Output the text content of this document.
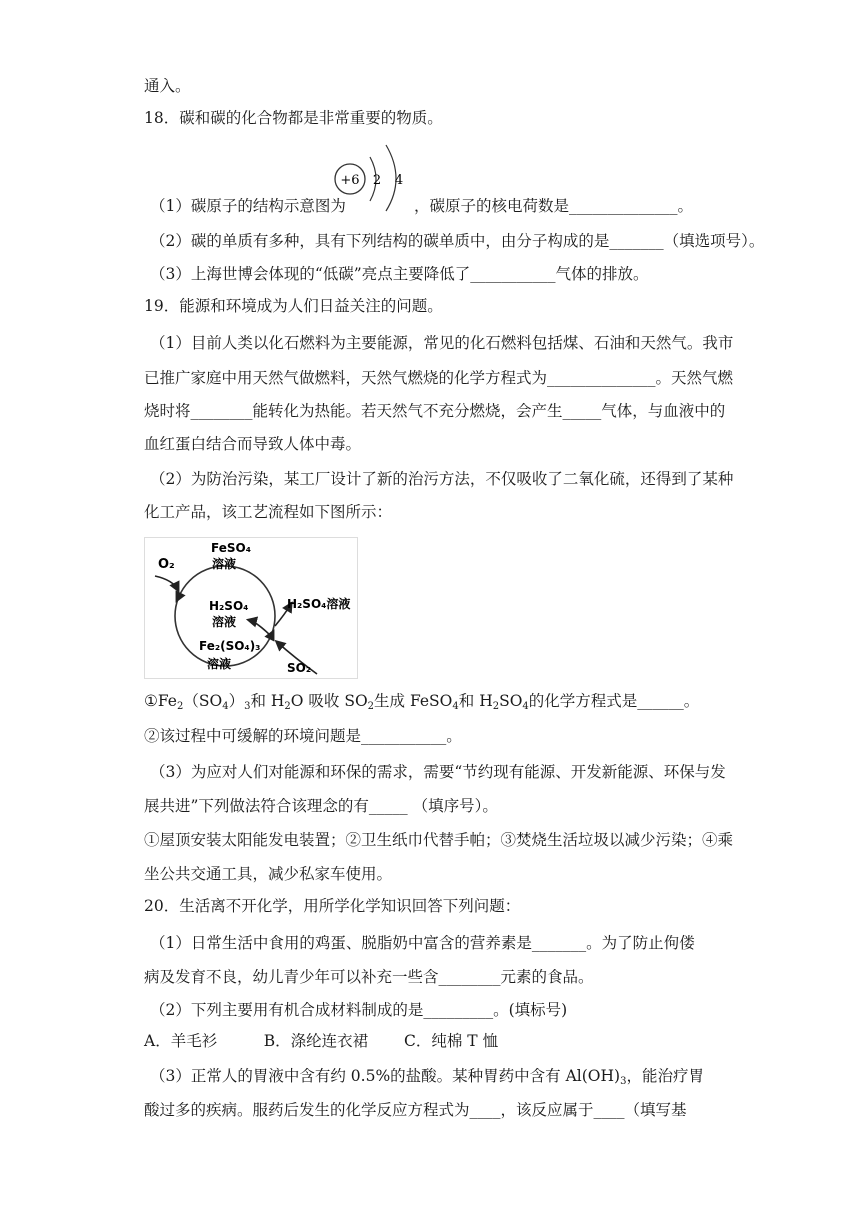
通入。
18．碳和碳的化合物都是非常重要的物质。
（1）碳原子的结构示意图为	，碳原子的核电荷数是______________。
+6 2 4
（2）碳的单质有多种，具有下列结构的碳单质中，由分子构成的是_______（填选项号）。
（3）上海世博会体现的“低碳”亮点主要降低了___________气体的排放。
19．能源和环境成为人们日益关注的问题。
（1）目前人类以化石燃料为主要能源，常见的化石燃料包括煤、石油和天然气。我市
已推广家庭中用天然气做燃料，天然气燃烧的化学方程式为______________。天然气燃
烧时将________能转化为热能。若天然气不充分燃烧，会产生_____气体，与血液中的
血红蛋白结合而导致人体中毒。
（2）为防治污染，某工厂设计了新的治污方法，不仅吸收了二氧化硫，还得到了某种
化工产品，该工艺流程如下图所示：
O₂
FeSO₄
溶液
H₂SO₄
溶液
Fe₂(SO₄)₃
溶液
H₂SO₄溶液
SO₂
$①Fe_2(SO_4)_3$和 $H_2O$ 吸收 $SO_2$生成 FeSO$_4$和 $H_2SO_4$的化学方程式是______。
②该过程中可缓解的环境问题是___________。
（3）为应对人们对能源和环保的需求，需要“节约现有能源、开发新能源、环保与发
展共进”下列做法符合该理念的有_____ （填序号）。
①屋顶安装太阳能发电装置；②卫生纸巾代替手帕；③焚烧生活垃圾以减少污染；④乘
坐公共交通工具，减少私家车使用。
20．生活离不开化学，用所学化学知识回答下列问题：
（1）日常生活中食用的鸡蛋、脱脂奶中富含的营养素是_______。为了防止佝偻
病及发育不良，幼儿青少年可以补充一些含________元素的食品。
（2）下列主要用有机合成材料制成的是_________。(填标号)
A．羊毛衫　　　B．涤纶连衣裙　　 C．纯棉 T 恤
（3）正常人的胃液中含有约 0.5%的盐酸。某种胃药中含有 $Al(OH)_3$，能治疗胃
酸过多的疾病。服药后发生的化学反应方程式为____，该反应属于____（填写基
